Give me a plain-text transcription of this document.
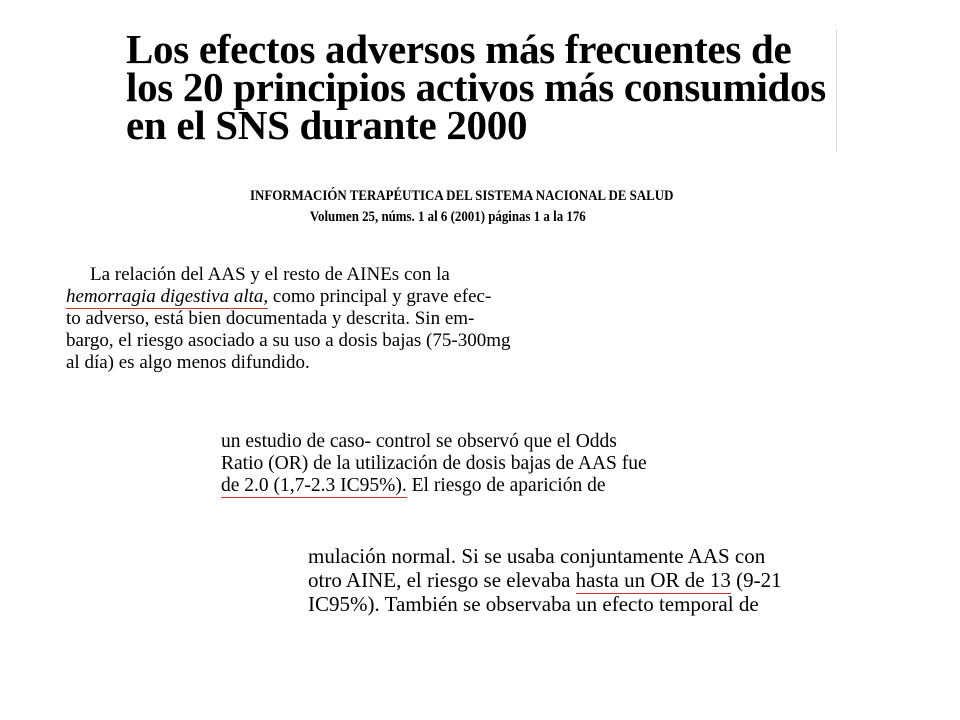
Los efectos adversos más frecuentes de
los 20 principios activos más consumidos
en el SNS durante 2000
INFORMACIÓN TERAPÉUTICA DEL SISTEMA NACIONAL DE SALUD
Volumen 25, núms. 1 al 6 (2001) páginas 1 a la 176
La relación del AAS y el resto de AINEs con la
hemorragia digestiva alta, como principal y grave efec-
to adverso, está bien documentada y descrita. Sin em-
bargo, el riesgo asociado a su uso a dosis bajas (75-300mg
al día) es algo menos difundido.
un estudio de caso- control se observó que el Odds
Ratio (OR) de la utilización de dosis bajas de AAS fue
de 2.0 (1,7-2.3 IC95%). El riesgo de aparición de
mulación normal. Si se usaba conjuntamente AAS con
otro AINE, el riesgo se elevaba hasta un OR de 13 (9-21
IC95%). También se observaba un efecto temporal de
